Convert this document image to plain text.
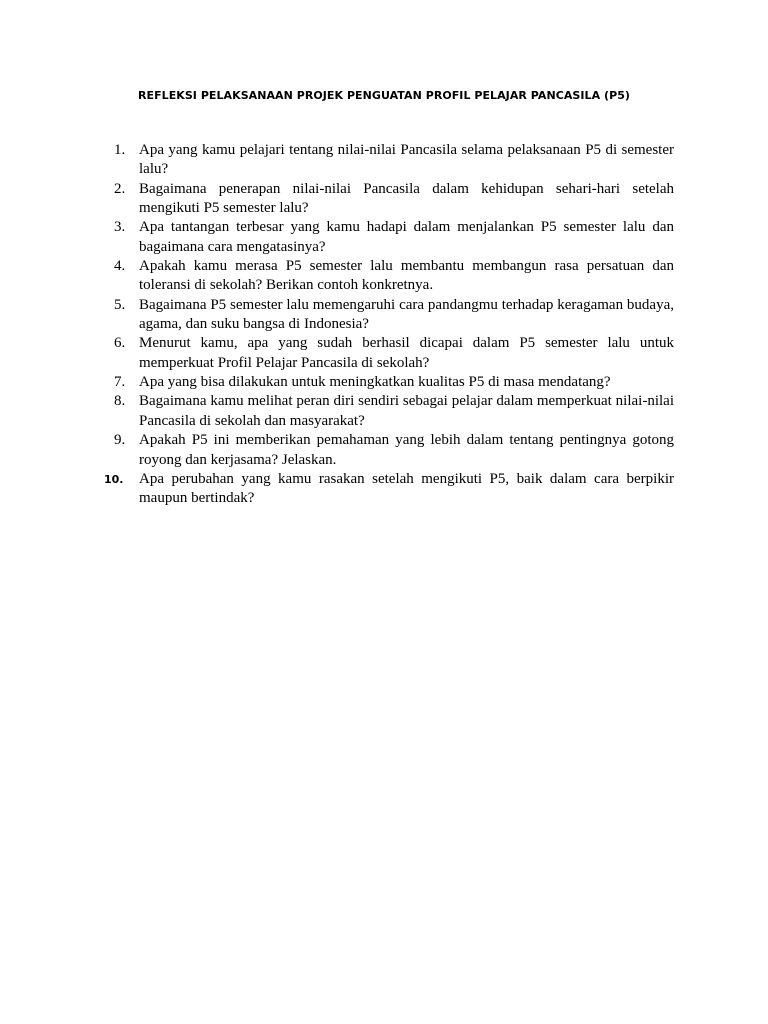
REFLEKSI PELAKSANAAN PROJEK PENGUATAN PROFIL PELAJAR PANCASILA (P5)
1. Apa yang kamu pelajari tentang nilai-nilai Pancasila selama pelaksanaan P5 di semester lalu?
2. Bagaimana penerapan nilai-nilai Pancasila dalam kehidupan sehari-hari setelah mengikuti P5 semester lalu?
3. Apa tantangan terbesar yang kamu hadapi dalam menjalankan P5 semester lalu dan bagaimana cara mengatasinya?
4. Apakah kamu merasa P5 semester lalu membantu membangun rasa persatuan dan toleransi di sekolah? Berikan contoh konkretnya.
5. Bagaimana P5 semester lalu memengaruhi cara pandangmu terhadap keragaman budaya, agama, dan suku bangsa di Indonesia?
6. Menurut kamu, apa yang sudah berhasil dicapai dalam P5 semester lalu untuk memperkuat Profil Pelajar Pancasila di sekolah?
7. Apa yang bisa dilakukan untuk meningkatkan kualitas P5 di masa mendatang?
8. Bagaimana kamu melihat peran diri sendiri sebagai pelajar dalam memperkuat nilai-nilai Pancasila di sekolah dan masyarakat?
9. Apakah P5 ini memberikan pemahaman yang lebih dalam tentang pentingnya gotong royong dan kerjasama? Jelaskan.
10. Apa perubahan yang kamu rasakan setelah mengikuti P5, baik dalam cara berpikir maupun bertindak?
